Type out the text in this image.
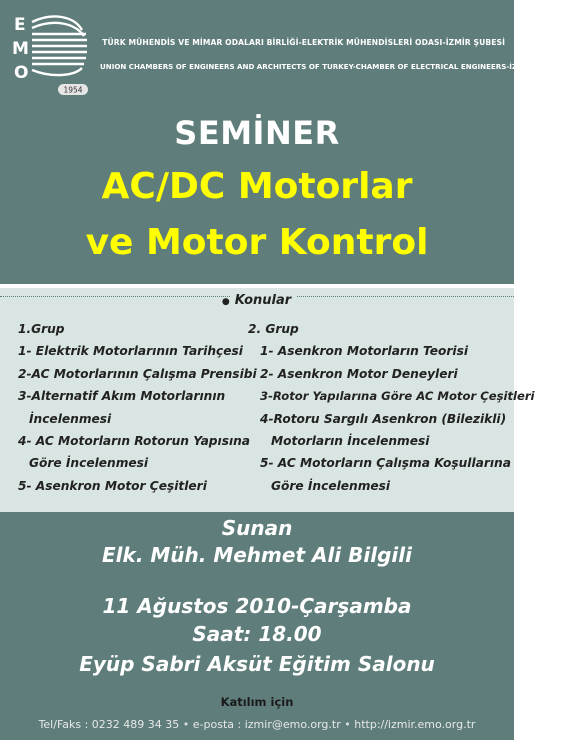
E
M
O
1954
TÜRK MÜHENDİS VE MİMAR ODALARI BİRLİĞİ-ELEKTRİK MÜHENDİSLERİ ODASI-İZMİR ŞUBESİ
UNION CHAMBERS OF ENGINEERS AND ARCHITECTS OF TURKEY-CHAMBER OF ELECTRICAL ENGINEERS-İZMİR BRANCH
SEMİNER
AC/DC Motorlar
ve Motor Kontrol
● Konular
1.Grup
1- Elektrik Motorlarının Tarihçesi
2-AC Motorlarının Çalışma Prensibi
3-Alternatif Akım Motorlarının
İncelenmesi
4- AC Motorların Rotorun Yapısına
Göre İncelenmesi
5- Asenkron Motor Çeşitleri
2. Grup
1- Asenkron Motorların Teorisi
2- Asenkron Motor Deneyleri
3-Rotor Yapılarına Göre AC Motor Çeşitleri
4-Rotoru Sargılı Asenkron (Bilezikli)
Motorların İncelenmesi
5- AC Motorların Çalışma Koşullarına
Göre İncelenmesi
Sunan
Elk. Müh. Mehmet Ali Bilgili
11 Ağustos 2010-Çarşamba
Saat: 18.00
Eyüp Sabri Aksüt Eğitim Salonu
Katılım için
Tel/Faks : 0232 489 34 35 • e-posta : izmir@emo.org.tr • http://izmir.emo.org.tr
